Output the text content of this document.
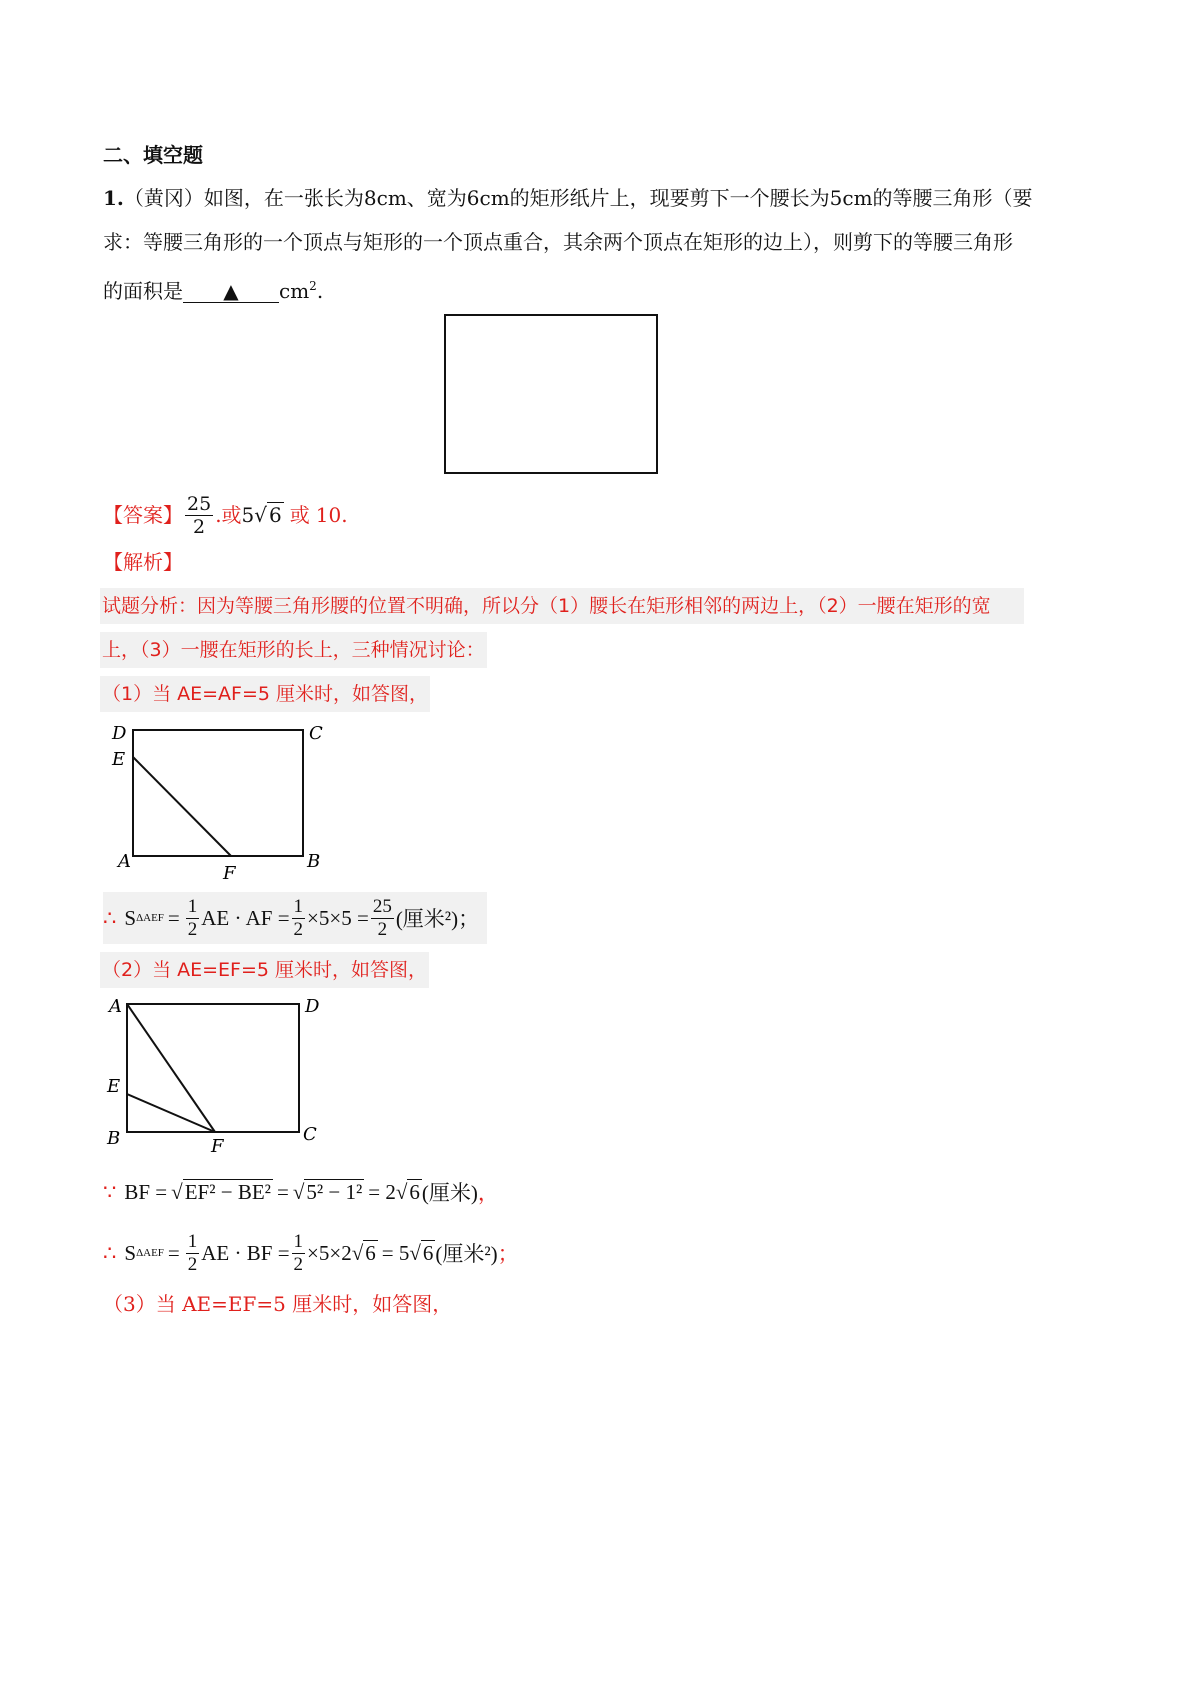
二、填空题
1.（黄冈）如图，在一张长为8cm、宽为6cm的矩形纸片上，现要剪下一个腰长为5cm的等腰三角形（要
求：等腰三角形的一个顶点与矩形的一个顶点重合，其余两个顶点在矩形的边上），则剪下的等腰三角形
的面积是 ▲ $cm^2$.
【答案】 $\frac{25}{2}$ .或 5√ 6 或 10.
【解析】
试题分析：因为等腰三角形腰的位置不明确，所以分（1）腰长在矩形相邻的两边上，（2）一腰在矩形的宽
上，（3）一腰在矩形的长上，三种情况讨论：
（1）当 AE=AF=5 厘米时，如答图，
D	C
E
A
F
B
∴ S $\Delta AEF = \frac{1}{2}$ AE · AF = $\frac{1}{2} \times 5\times 5 = \frac{25}{2}$ (厘米²)；
（2）当 AE=EF=5 厘米时，如答图，
A	D
E
B	F
C
∵ BF = √EF² − BE² = √5² − 1² = 2 √6 (厘米) ，
∴ S $\Delta AEF = \frac{1}{2}$ AE · BF = $\frac{1}{2} \times 5\times 2$ √6 = 5 √6 (厘米²) ；
（3）当 AE=EF=5 厘米时，如答图，
